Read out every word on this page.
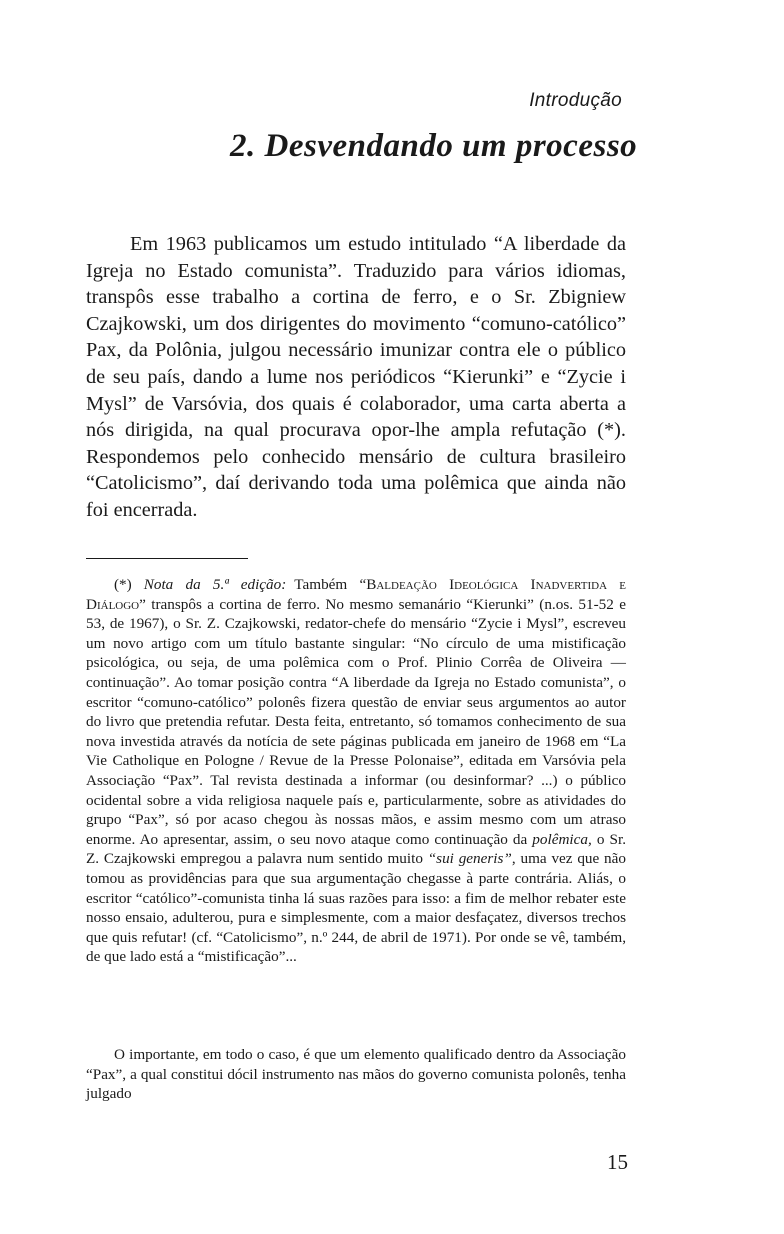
Introdução
2. Desvendando um processo

Em 1963 publicamos um estudo intitulado “A liberdade da Igreja no Estado comunista”. Traduzido para vários idiomas, transpôs esse trabalho a cortina de ferro, e o Sr. Zbigniew Czajkowski, um dos dirigentes do movimento “comuno-católico” Pax, da Polônia, julgou necessário imunizar contra ele o público de seu país, dando a lume nos periódicos “Kierunki” e “Zycie i Mysl” de Varsóvia, dos quais é colaborador, uma carta aberta a nós dirigida, na qual procurava opor-lhe ampla refutação (*). Respondemos pelo conhecido mensário de cultura brasileiro “Catolicismo”, daí derivando toda uma polêmica que ainda não foi encerrada.

(*) Nota da 5.ª edição: Também “Baldeação Ideológica Inadvertida e Diálogo” transpôs a cortina de ferro. No mesmo semanário “Kierunki” (n.os. 51-52 e 53, de 1967), o Sr. Z. Czajkowski, redator-chefe do mensário “Zycie i Mysl”, escreveu um novo artigo com um título bastante singular: “No círculo de uma mistificação psicológica, ou seja, de uma polêmica com o Prof. Plinio Corrêa de Oliveira — continuação”. Ao tomar posição contra “A liberdade da Igreja no Estado comunista”, o escritor “comuno-católico” polonês fizera questão de enviar seus argumentos ao autor do livro que pretendia refutar. Desta feita, entretanto, só tomamos conhecimento de sua nova investida através da notícia de sete páginas publicada em janeiro de 1968 em “La Vie Catholique en Pologne / Revue de la Presse Polonaise”, editada em Varsóvia pela Associação “Pax”. Tal revista destinada a informar (ou desinformar? ...) o público ocidental sobre a vida religiosa naquele país e, particularmente, sobre as atividades do grupo “Pax”, só por acaso chegou às nossas mãos, e assim mesmo com um atraso enorme. Ao apresentar, assim, o seu novo ataque como continuação da polêmica, o Sr. Z. Czajkowski empregou a palavra num sentido muito “sui generis”, uma vez que não tomou as providências para que sua argumentação chegasse à parte contrária. Aliás, o escritor “católico”-comunista tinha lá suas razões para isso: a fim de melhor rebater este nosso ensaio, adulterou, pura e simplesmente, com a maior desfaçatez, diversos trechos que quis refutar! (cf. “Catolicismo”, n.º 244, de abril de 1971). Por onde se vê, também, de que lado está a “mistificação”...

O importante, em todo o caso, é que um elemento qualificado dentro da Associação “Pax”, a qual constitui dócil instrumento nas mãos do governo comunista polonês, tenha julgado

15
